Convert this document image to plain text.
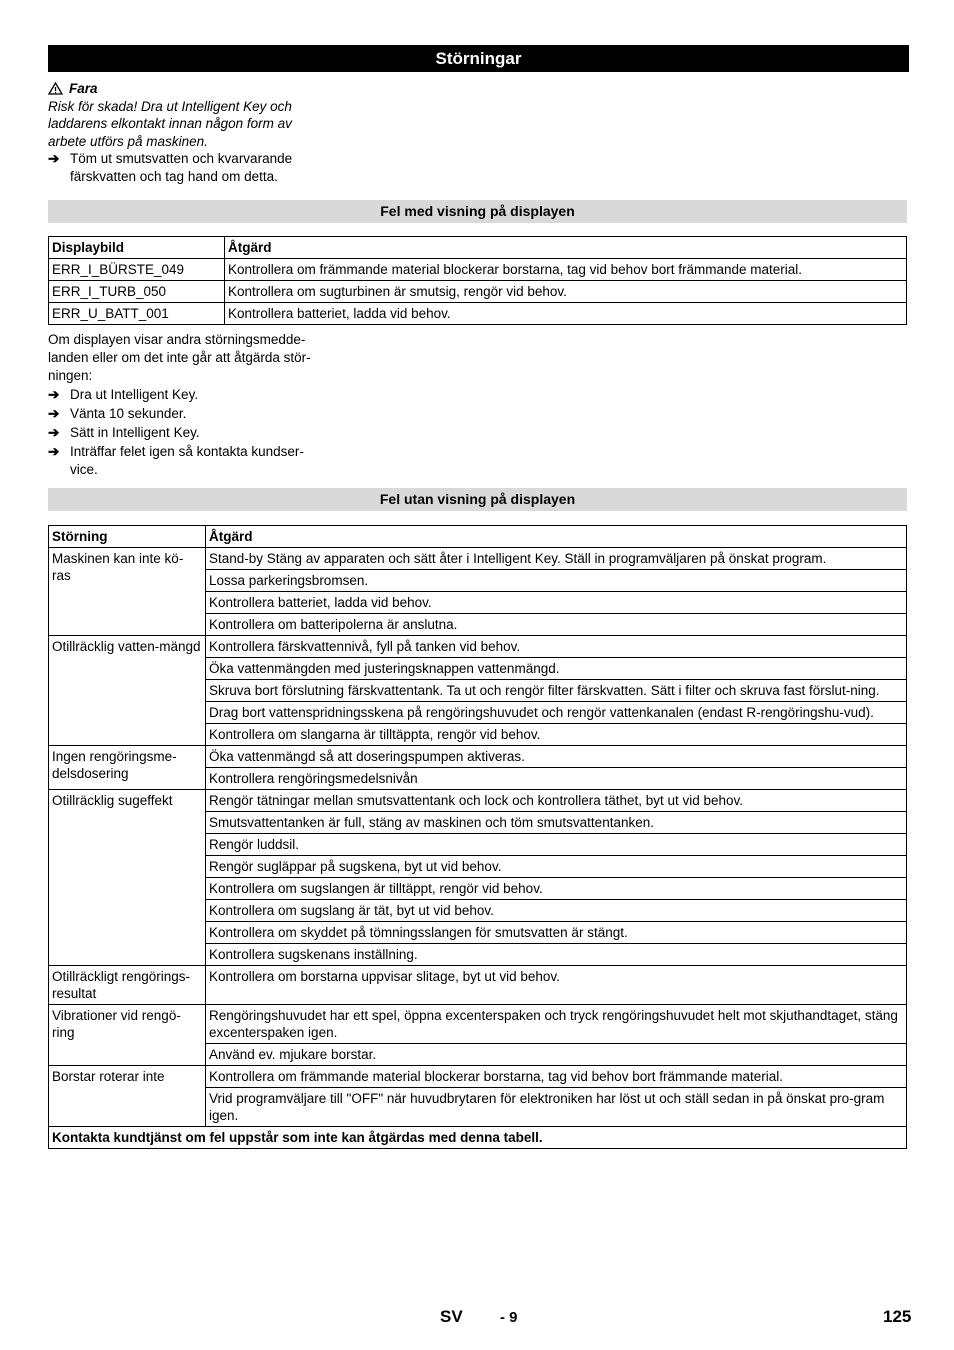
Störningar
Fara
Risk för skada! Dra ut Intelligent Key och laddarens elkontakt innan någon form av arbete utförs på maskinen.
➔ Töm ut smutsvatten och kvarvarande färskvatten och tag hand om detta.
Fel med visning på displayen
Displaybild	Åtgärd
ERR_I_BÜRSTE_049	Kontrollera om främmande material blockerar borstarna, tag vid behov bort främmande material.
ERR_I_TURB_050	Kontrollera om sugturbinen är smutsig, rengör vid behov.
ERR_U_BATT_001	Kontrollera batteriet, ladda vid behov.
Om displayen visar andra störningsmedde-landen eller om det inte går att åtgärda stör-ningen:
➔ Dra ut Intelligent Key.
➔ Vänta 10 sekunder.
➔ Sätt in Intelligent Key.
➔ Inträffar felet igen så kontakta kundser-vice.
Fel utan visning på displayen
Störning	Åtgärd
Maskinen kan inte kö-ras	Stand-by Stäng av apparaten och sätt åter i Intelligent Key. Ställ in programväljaren på önskat program.
	Lossa parkeringsbromsen.
	Kontrollera batteriet, ladda vid behov.
	Kontrollera om batteripolerna är anslutna.
Otillräcklig vatten-mängd	Kontrollera färskvattennivå, fyll på tanken vid behov.
	Öka vattenmängden med justeringsknappen vattenmängd.
	Skruva bort förslutning färskvattentank. Ta ut och rengör filter färskvatten. Sätt i filter och skruva fast förslut-ning.
	Drag bort vattenspridningsskena på rengöringshuvudet och rengör vattenkanalen (endast R-rengöringshu-vud).
	Kontrollera om slangarna är tilltäppta, rengör vid behov.
Ingen rengöringsme-delsdosering	Öka vattenmängd så att doseringspumpen aktiveras.
	Kontrollera rengöringsmedelsnivån
Otillräcklig sugeffekt	Rengör tätningar mellan smutsvattentank och lock och kontrollera täthet, byt ut vid behov.
	Smutsvattentanken är full, stäng av maskinen och töm smutsvattentanken.
	Rengör luddsil.
	Rengör sugläppar på sugskena, byt ut vid behov.
	Kontrollera om sugslangen är tilltäppt, rengör vid behov.
	Kontrollera om sugslang är tät, byt ut vid behov.
	Kontrollera om skyddet på tömningsslangen för smutsvatten är stängt.
	Kontrollera sugskenans inställning.
Otillräckligt rengörings-resultat	Kontrollera om borstarna uppvisar slitage, byt ut vid behov.
Vibrationer vid rengö-ring	Rengöringshuvudet har ett spel, öppna excenterspaken och tryck rengöringshuvudet helt mot skjuthandtaget, stäng excenterspaken igen.
	Använd ev. mjukare borstar.
Borstar roterar inte	Kontrollera om främmande material blockerar borstarna, tag vid behov bort främmande material.
	Vrid programväljare till "OFF" när huvudbrytaren för elektroniken har löst ut och ställ sedan in på önskat pro-gram igen.
Kontakta kundtjänst om fel uppstår som inte kan åtgärdas med denna tabell.	
SV - 9	125
